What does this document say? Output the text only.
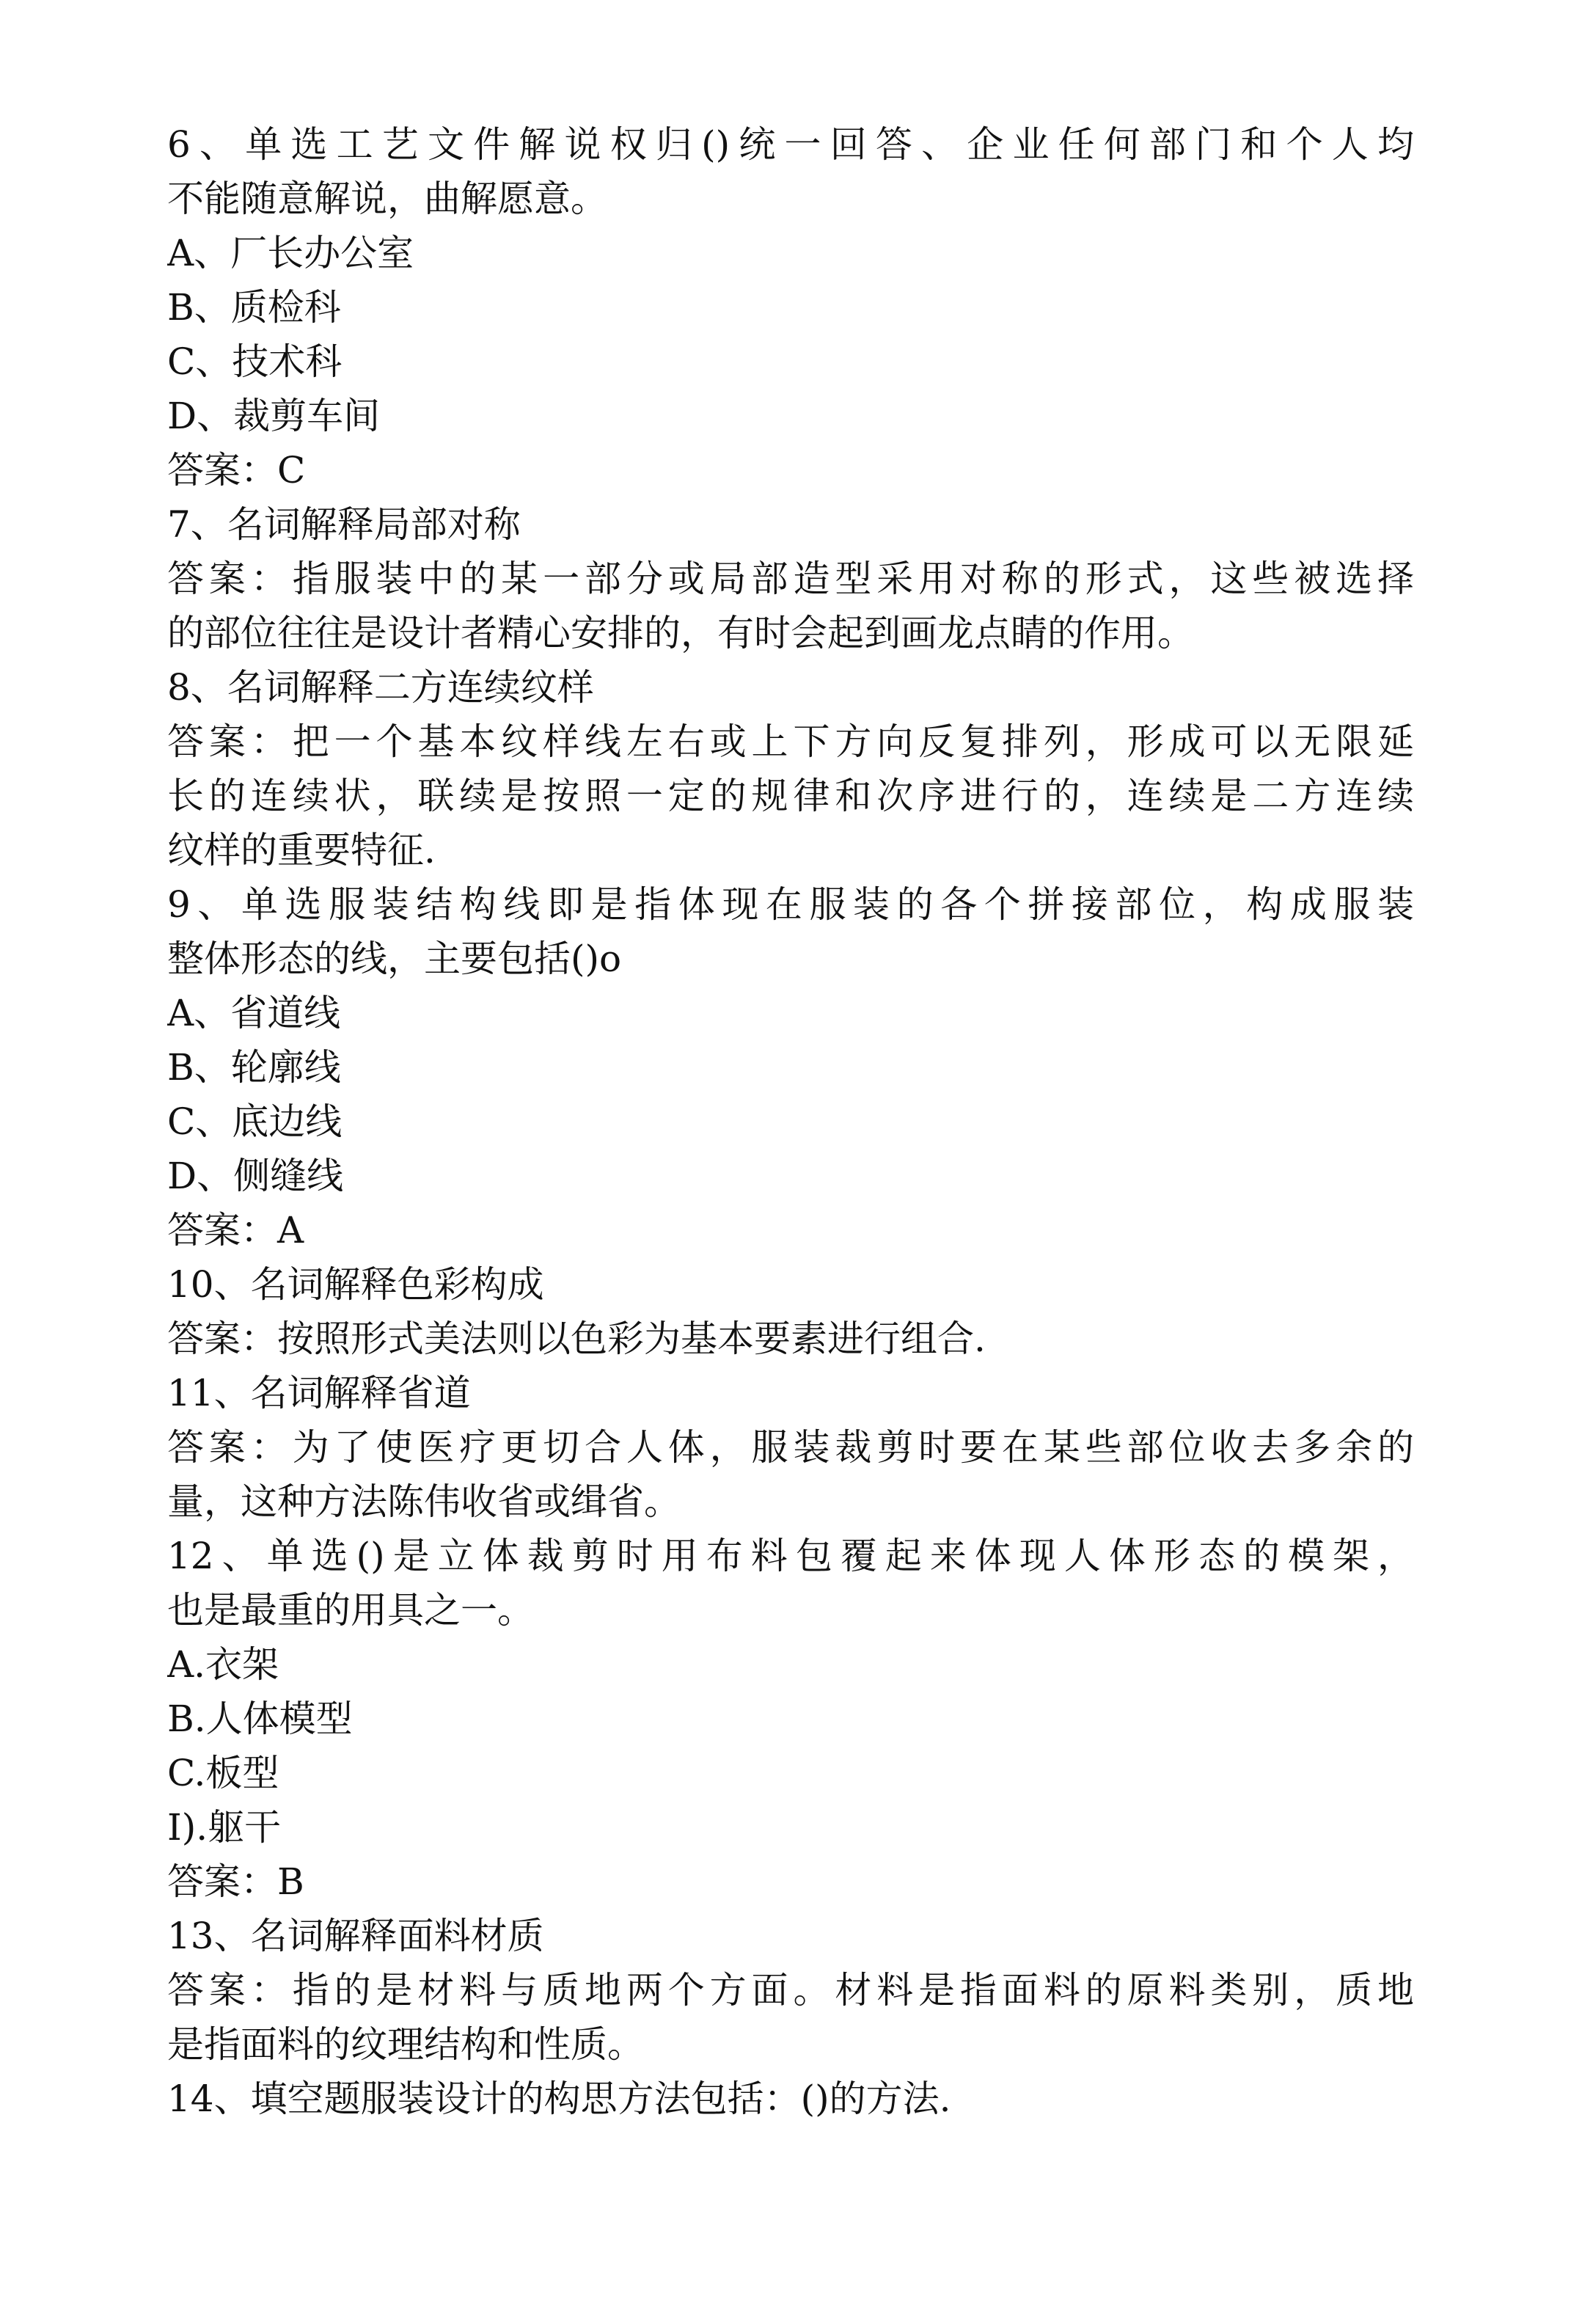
6、单选工艺文件解说权归()统一回答、企业任何部门和个人均
不能随意解说，曲解愿意。
A、厂长办公室
B、质检科
C、技术科
D、裁剪车间
答案：C
7、名词解释局部对称
答案：指服装中的某一部分或局部造型采用对称的形式，这些被选择
的部位往往是设计者精心安排的，有时会起到画龙点睛的作用。
8、名词解释二方连续纹样
答案：把一个基本纹样线左右或上下方向反复排列，形成可以无限延
长的连续状，联续是按照一定的规律和次序进行的，连续是二方连续
纹样的重要特征.
9、单选服装结构线即是指体现在服装的各个拼接部位，构成服装
整体形态的线，主要包括()o
A、省道线
B、轮廓线
C、底边线
D、侧缝线
答案：A
10、名词解释色彩构成
答案：按照形式美法则以色彩为基本要素进行组合.
11、名词解释省道
答案：为了使医疗更切合人体，服装裁剪时要在某些部位收去多余的
量，这种方法陈伟收省或缉省。
12、单选()是立体裁剪时用布料包覆起来体现人体形态的模架，
也是最重的用具之一。
A.衣架
B.人体模型
C.板型
I).躯干
答案：B
13、名词解释面料材质
答案：指的是材料与质地两个方面。材料是指面料的原料类别，质地
是指面料的纹理结构和性质。
14、填空题服装设计的构思方法包括：()的方法.
